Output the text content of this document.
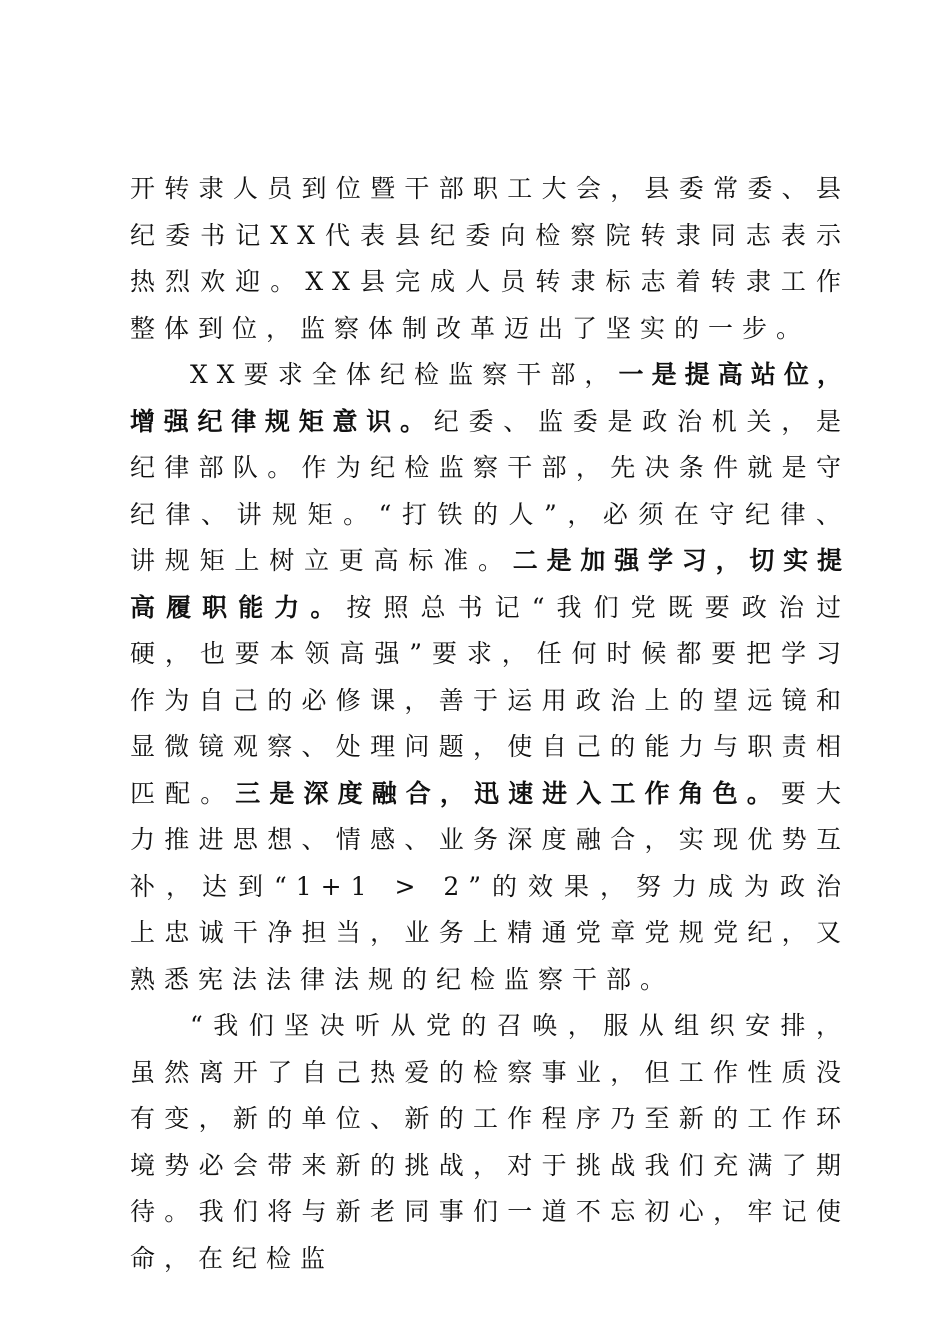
开转隶人员到位暨干部职工大会，县委常委、县纪委书记XX代表县纪委向检察院转隶同志表示热烈欢迎。XX县完成人员转隶标志着转隶工作整体到位，监察体制改革迈出了坚实的一步。

XX要求全体纪检监察干部，一是提高站位，增强纪律规矩意识。纪委、监委是政治机关，是纪律部队。作为纪检监察干部，先决条件就是守纪律、讲规矩。“打铁的人”，必须在守纪律、讲规矩上树立更高标准。二是加强学习，切实提高履职能力。按照总书记“我们党既要政治过硬，也要本领高强”要求，任何时候都要把学习作为自己的必修课，善于运用政治上的望远镜和显微镜观察、处理问题，使自己的能力与职责相匹配。三是深度融合，迅速进入工作角色。要大力推进思想、情感、业务深度融合，实现优势互补，达到“1+1 > 2”的效果，努力成为政治上忠诚干净担当，业务上精通党章党规党纪，又熟悉宪法法律法规的纪检监察干部。

“我们坚决听从党的召唤，服从组织安排，虽然离开了自己热爱的检察事业，但工作性质没有变，新的单位、新的工作程序乃至新的工作环境势必会带来新的挑战，对于挑战我们充满了期待。我们将与新老同事们一道不忘初心，牢记使命，在纪检监
